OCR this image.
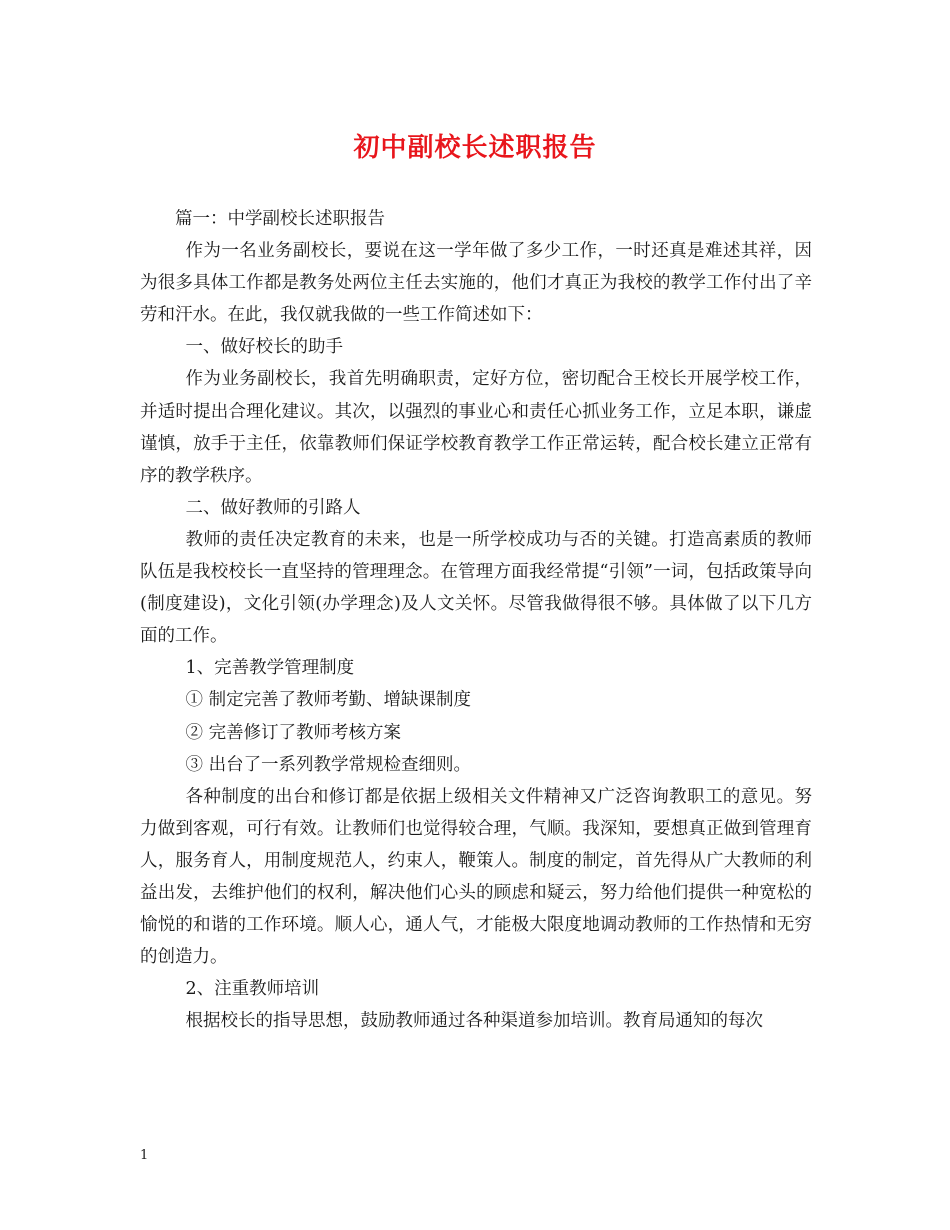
初中副校长述职报告

篇一：中学副校长述职报告

作为一名业务副校长，要说在这一学年做了多少工作，一时还真是难述其祥，因为很多具体工作都是教务处两位主任去实施的，他们才真正为我校的教学工作付出了辛劳和汗水。在此，我仅就我做的一些工作简述如下：

一、做好校长的助手

作为业务副校长，我首先明确职责，定好方位，密切配合王校长开展学校工作，并适时提出合理化建议。其次，以强烈的事业心和责任心抓业务工作，立足本职，谦虚谨慎，放手于主任，依靠教师们保证学校教育教学工作正常运转，配合校长建立正常有序的教学秩序。

二、做好教师的引路人

教师的责任决定教育的未来，也是一所学校成功与否的关键。打造高素质的教师队伍是我校校长一直坚持的管理理念。在管理方面我经常提“引领”一词，包括政策导向(制度建设)，文化引领(办学理念)及人文关怀。尽管我做得很不够。具体做了以下几方面的工作。

1、完善教学管理制度

① 制定完善了教师考勤、增缺课制度

② 完善修订了教师考核方案

③ 出台了一系列教学常规检查细则。

各种制度的出台和修订都是依据上级相关文件精神又广泛咨询教职工的意见。努力做到客观，可行有效。让教师们也觉得较合理，气顺。我深知，要想真正做到管理育人，服务育人，用制度规范人，约束人，鞭策人。制度的制定，首先得从广大教师的利益出发，去维护他们的权利，解决他们心头的顾虑和疑云，努力给他们提供一种宽松的愉悦的和谐的工作环境。顺人心，通人气，才能极大限度地调动教师的工作热情和无穷的创造力。

2、注重教师培训

根据校长的指导思想，鼓励教师通过各种渠道参加培训。教育局通知的每次

1
